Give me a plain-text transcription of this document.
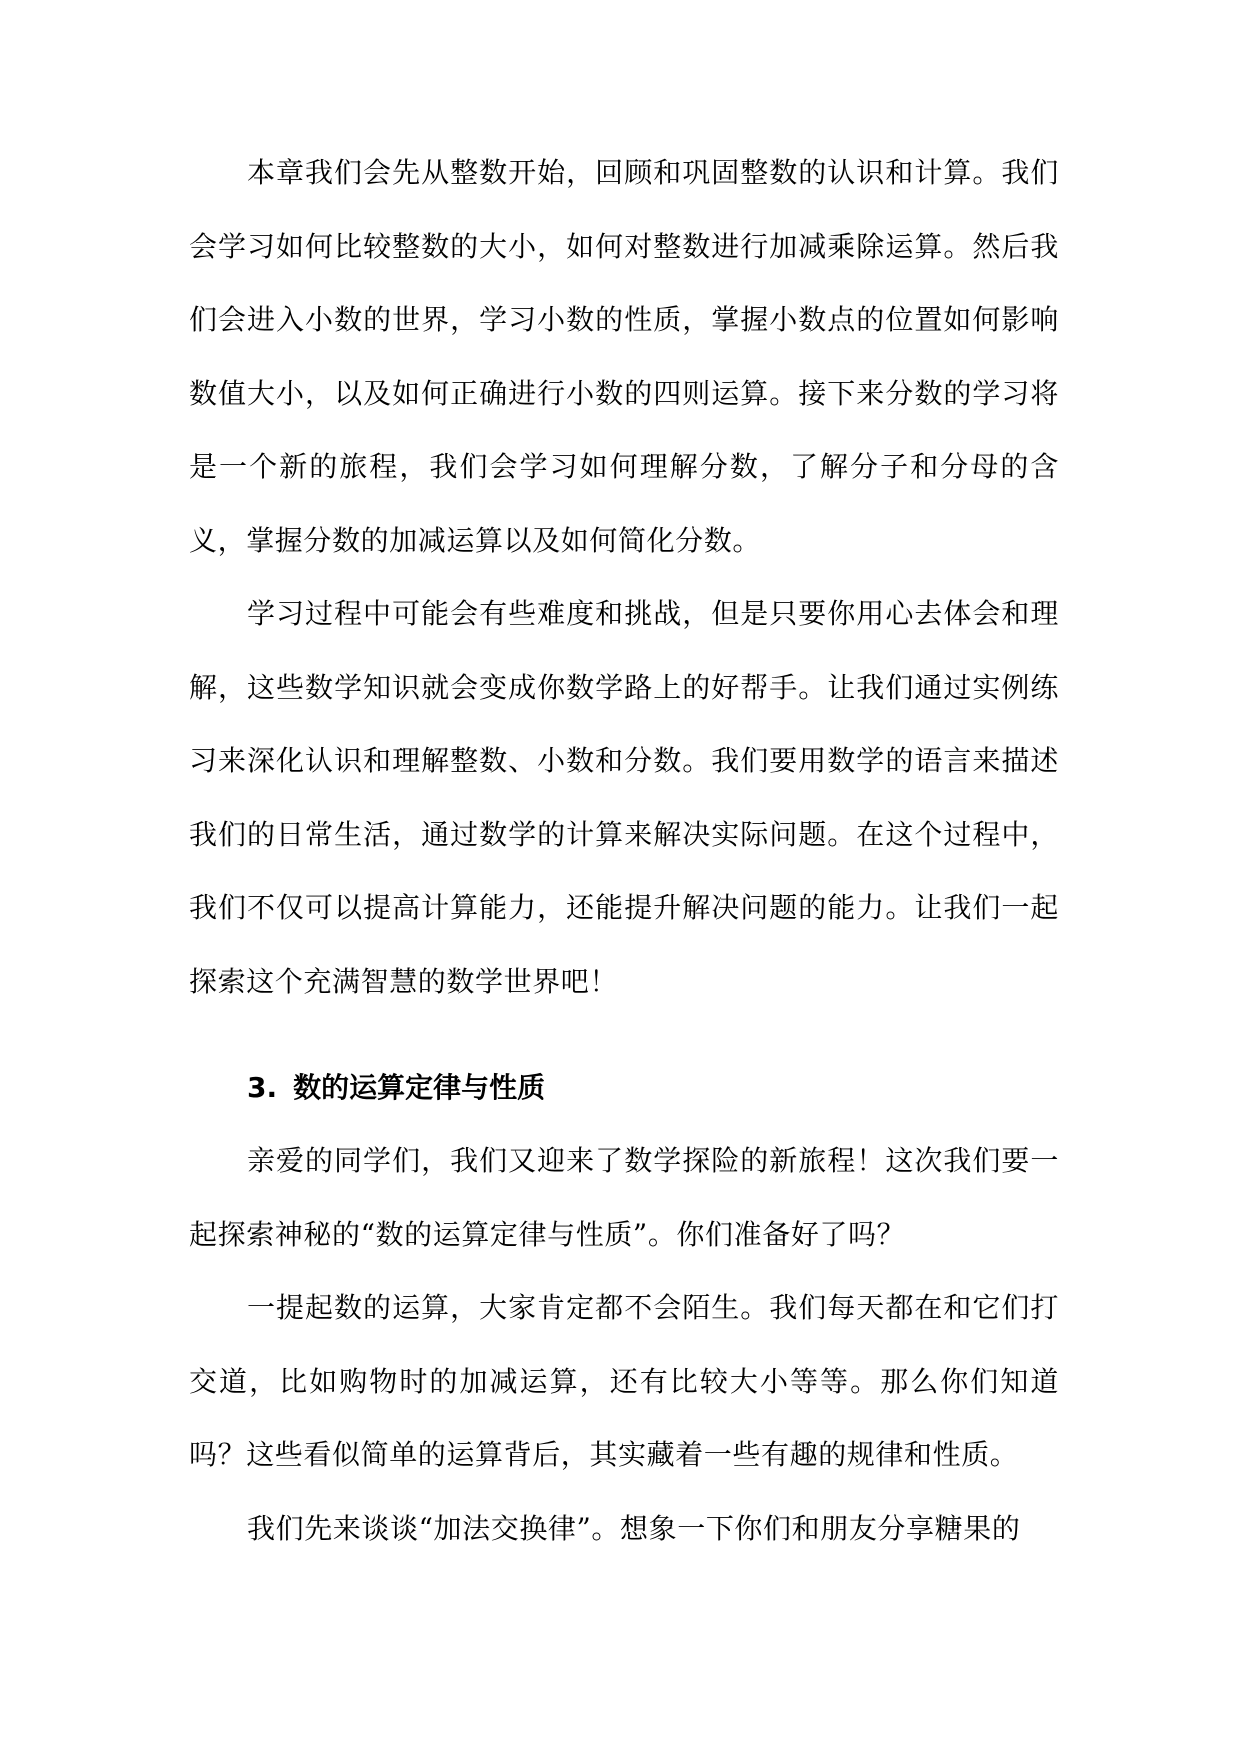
本章我们会先从整数开始，回顾和巩固整数的认识和计算。我们会学习如何比较整数的大小，如何对整数进行加减乘除运算。然后我们会进入小数的世界，学习小数的性质，掌握小数点的位置如何影响数值大小，以及如何正确进行小数的四则运算。接下来分数的学习将是一个新的旅程，我们会学习如何理解分数，了解分子和分母的含义，掌握分数的加减运算以及如何简化分数。

学习过程中可能会有些难度和挑战，但是只要你用心去体会和理解，这些数学知识就会变成你数学路上的好帮手。让我们通过实例练习来深化认识和理解整数、小数和分数。我们要用数学的语言来描述我们的日常生活，通过数学的计算来解决实际问题。在这个过程中，我们不仅可以提高计算能力，还能提升解决问题的能力。让我们一起探索这个充满智慧的数学世界吧！

3. 数的运算定律与性质

亲爱的同学们，我们又迎来了数学探险的新旅程！这次我们要一起探索神秘的“数的运算定律与性质”。你们准备好了吗？

一提起数的运算，大家肯定都不会陌生。我们每天都在和它们打交道，比如购物时的加减运算，还有比较大小等等。那么你们知道吗？这些看似简单的运算背后，其实藏着一些有趣的规律和性质。

我们先来谈谈“加法交换律”。想象一下你们和朋友分享糖果的
